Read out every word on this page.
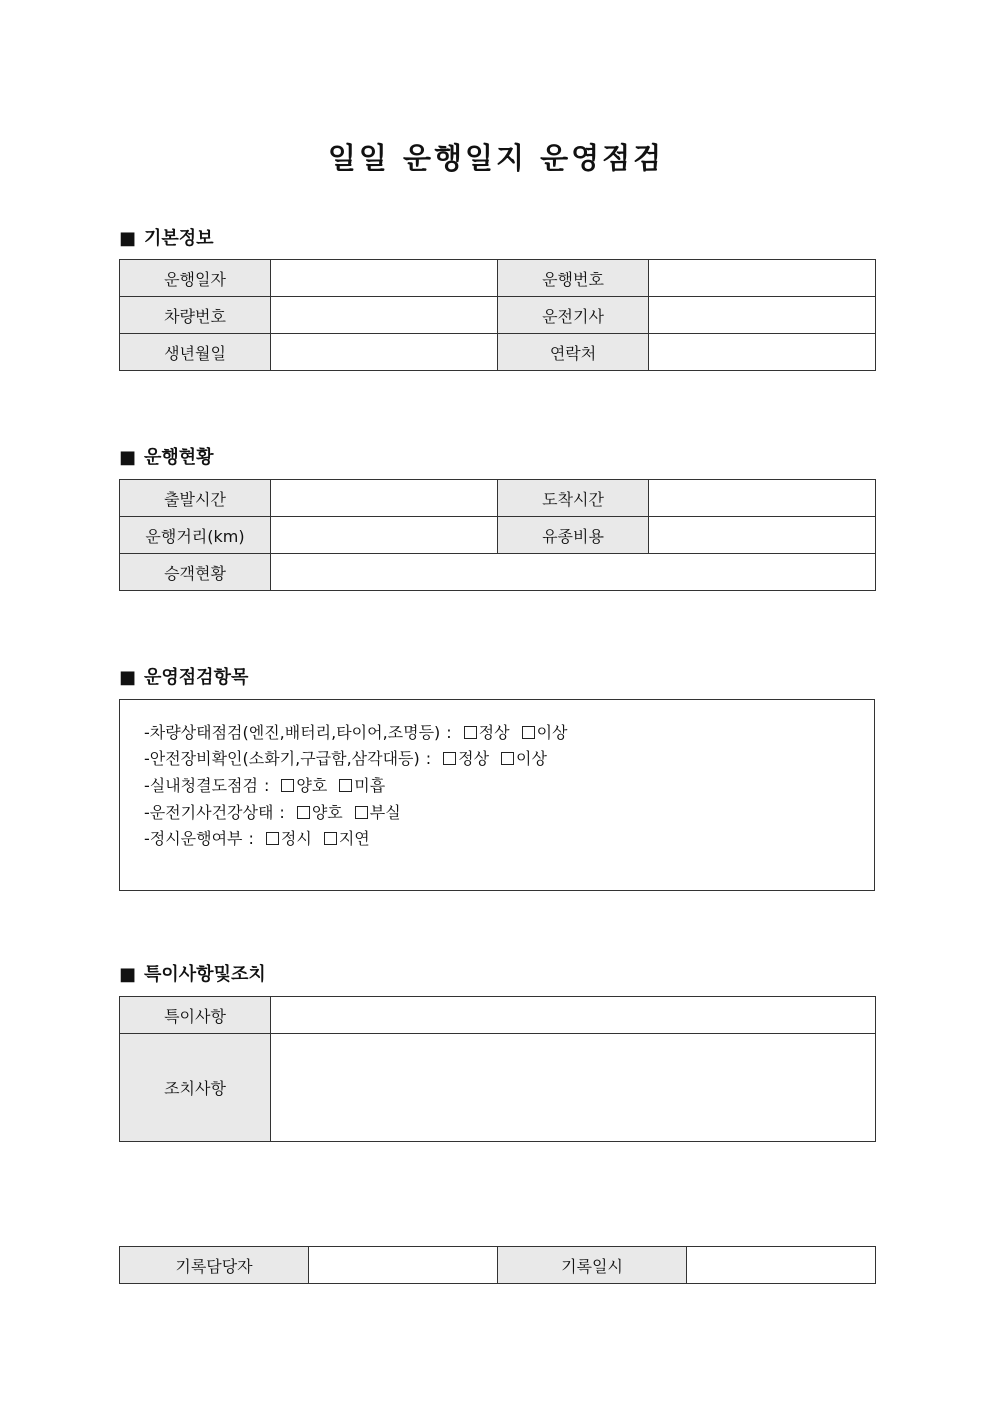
일일 운행일지 운영점검
■ 기본정보
운행일자		운행번호	
차량번호		운전기사	
생년월일		연락처	
■ 운행현황
출발시간		도착시간	
운행거리(km)		유종비용	
승객현황			
■ 운영점검항목
-차량상태점검(엔진,배터리,타이어,조명등) : 정상 이상
-안전장비확인(소화기,구급함,삼각대등) : 정상 이상
-실내청결도점검 : 양호 미흡
-운전기사건강상태 : 양호 부실
-정시운행여부 : 정시 지연
■ 특이사항및조치
특이사항	
조치사항	
기록담당자		기록일시	
